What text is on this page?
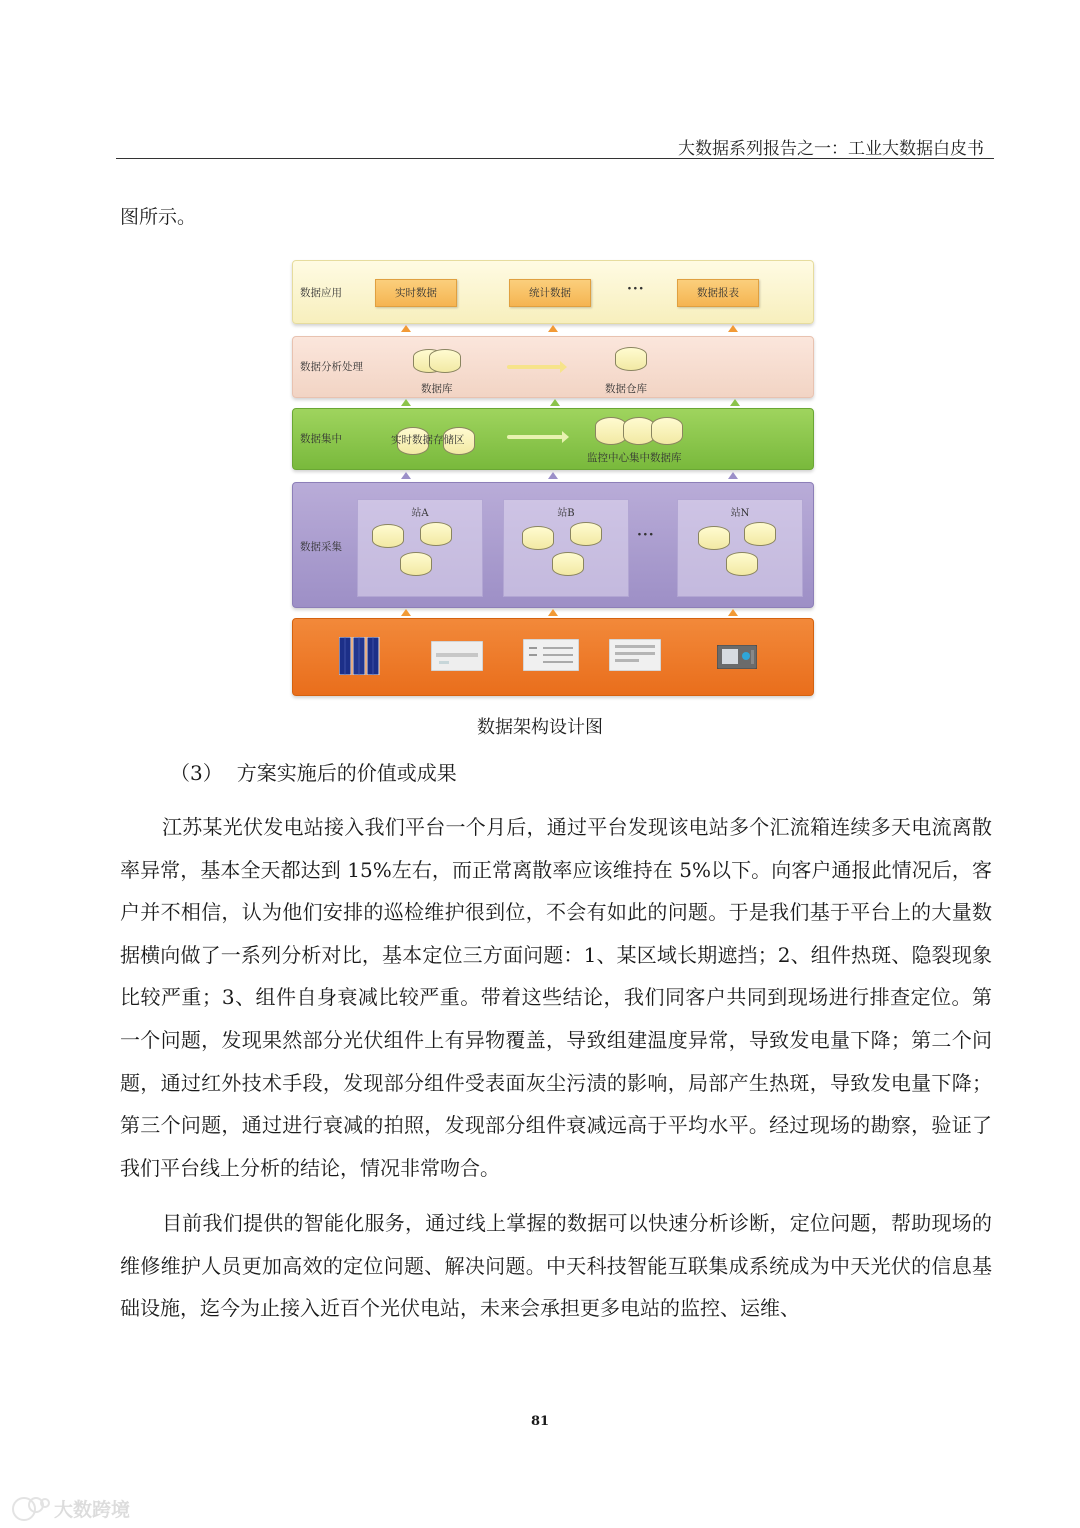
大数据系列报告之一：工业大数据白皮书
图所示。
数据应用	实时数据	统计数据	···	数据报表
数据分析处理
数据库	数据仓库
数据集中	实时数据存储区
监控中心集中数据库
数据采集
站A	站B
···
站N
数据架构设计图
（3） 方案实施后的价值或成果
江苏某光伏发电站接入我们平台一个月后，通过平台发现该电站多个汇流箱连续多天电流离散率异常，基本全天都达到 15%左右，而正常离散率应该维持在 5%以下。向客户通报此情况后，客户并不相信，认为他们安排的巡检维护很到位，不会有如此的问题。于是我们基于平台上的大量数据横向做了一系列分析对比，基本定位三方面问题：1、某区域长期遮挡；2、组件热斑、隐裂现象比较严重；3、组件自身衰减比较严重。带着这些结论，我们同客户共同到现场进行排查定位。第一个问题，发现果然部分光伏组件上有异物覆盖，导致组建温度异常，导致发电量下降；第二个问题，通过红外技术手段，发现部分组件受表面灰尘污渍的影响，局部产生热斑，导致发电量下降；第三个问题，通过进行衰减的拍照，发现部分组件衰减远高于平均水平。经过现场的勘察，验证了我们平台线上分析的结论，情况非常吻合。
目前我们提供的智能化服务，通过线上掌握的数据可以快速分析诊断，定位问题，帮助现场的维修维护人员更加高效的定位问题、解决问题。中天科技智能互联集成系统成为中天光伏的信息基础设施，迄今为止接入近百个光伏电站，未来会承担更多电站的监控、运维、
81
大数跨境
